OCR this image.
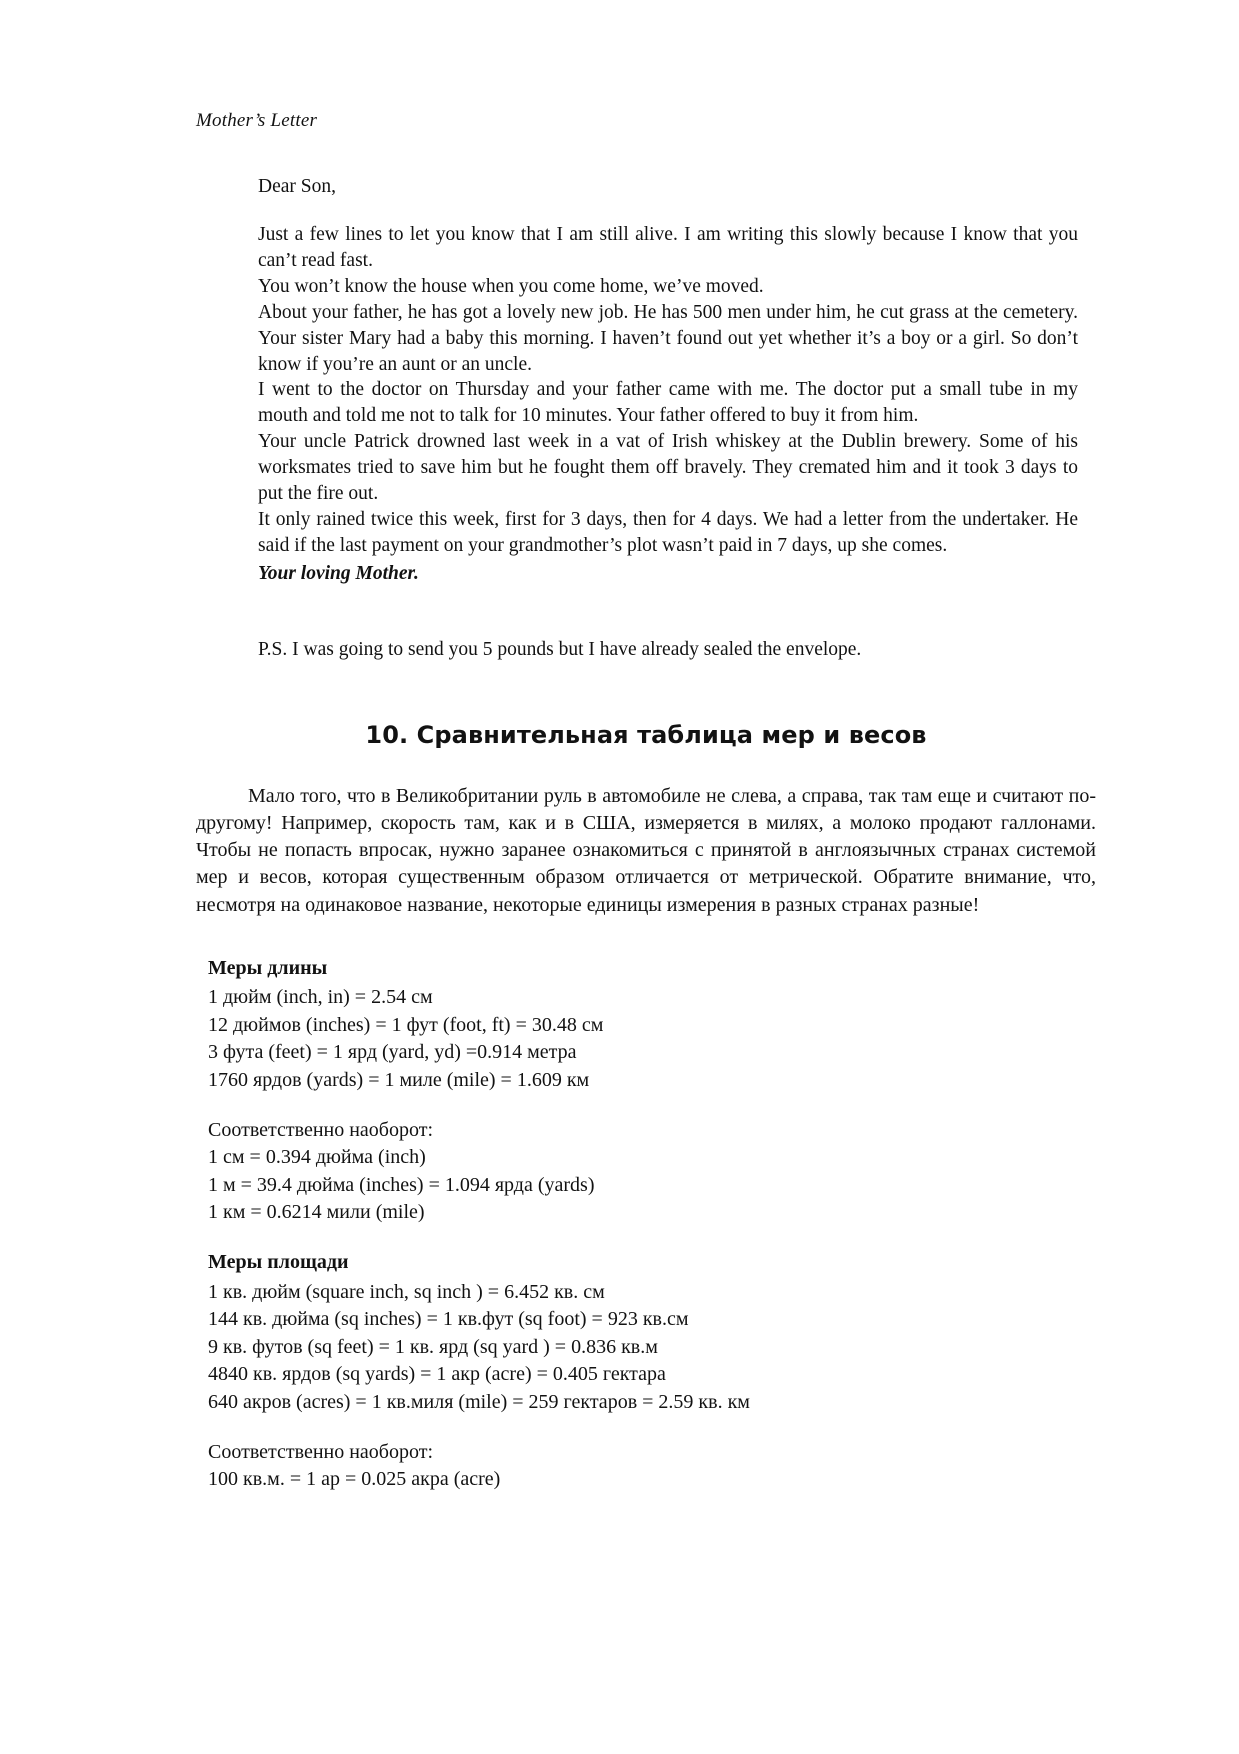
Mother’s Letter

Dear Son,

Just a few lines to let you know that I am still alive. I am writing this slowly because I know that you can’t read fast.

You won’t know the house when you come home, we’ve moved.

About your father, he has got a lovely new job. He has 500 men under him, he cut grass at the cemetery. Your sister Mary had a baby this morning. I haven’t found out yet whether it’s a boy or a girl. So don’t know if you’re an aunt or an uncle.

I went to the doctor on Thursday and your father came with me. The doctor put a small tube in my mouth and told me not to talk for 10 minutes. Your father offered to buy it from him.

Your uncle Patrick drowned last week in a vat of Irish whiskey at the Dublin brewery. Some of his worksmates tried to save him but he fought them off bravely. They cremated him and it took 3 days to put the fire out.

It only rained twice this week, first for 3 days, then for 4 days. We had a letter from the undertaker. He said if the last payment on your grandmother’s plot wasn’t paid in 7 days, up she comes.

Your loving Mother.

P.S. I was going to send you 5 pounds but I have already sealed the envelope.

10. Сравнительная таблица мер и весов

Мало того, что в Великобритании руль в автомобиле не слева, а справа, так там еще и считают по-другому! Например, скорость там, как и в США, измеряется в милях, а молоко продают галлонами. Чтобы не попасть впросак, нужно заранее ознакомиться с принятой в англоязычных странах системой мер и весов, которая существенным образом отличается от метрической. Обратите внимание, что, несмотря на одинаковое название, некоторые единицы измерения в разных странах разные!

Меры длины

1 дюйм (inch, in) = 2.54 см

12 дюймов (inches) = 1 фут (foot, ft) = 30.48 см

3 фута (feet) = 1 ярд (yard, yd) =0.914 метра

1760 ярдов (yards) = 1 миле (mile) = 1.609 км

Соответственно наоборот:

1 см = 0.394 дюйма (inch)

1 м = 39.4 дюйма (inches) = 1.094 ярда (yards)

1 км = 0.6214 мили (mile)

Меры площади

1 кв. дюйм (square inch, sq inch ) = 6.452 кв. см

144 кв. дюйма (sq inches) = 1 кв.фут (sq foot) = 923 кв.см

9 кв. футов (sq feet) = 1 кв. ярд (sq yard ) = 0.836 кв.м

4840 кв. ярдов (sq yards) = 1 акр (acre) = 0.405 гектара

640 акров (acres) = 1 кв.миля (mile) = 259 гектаров = 2.59 кв. км

Соответственно наоборот:

100 кв.м. = 1 ар = 0.025 акра (acre)
